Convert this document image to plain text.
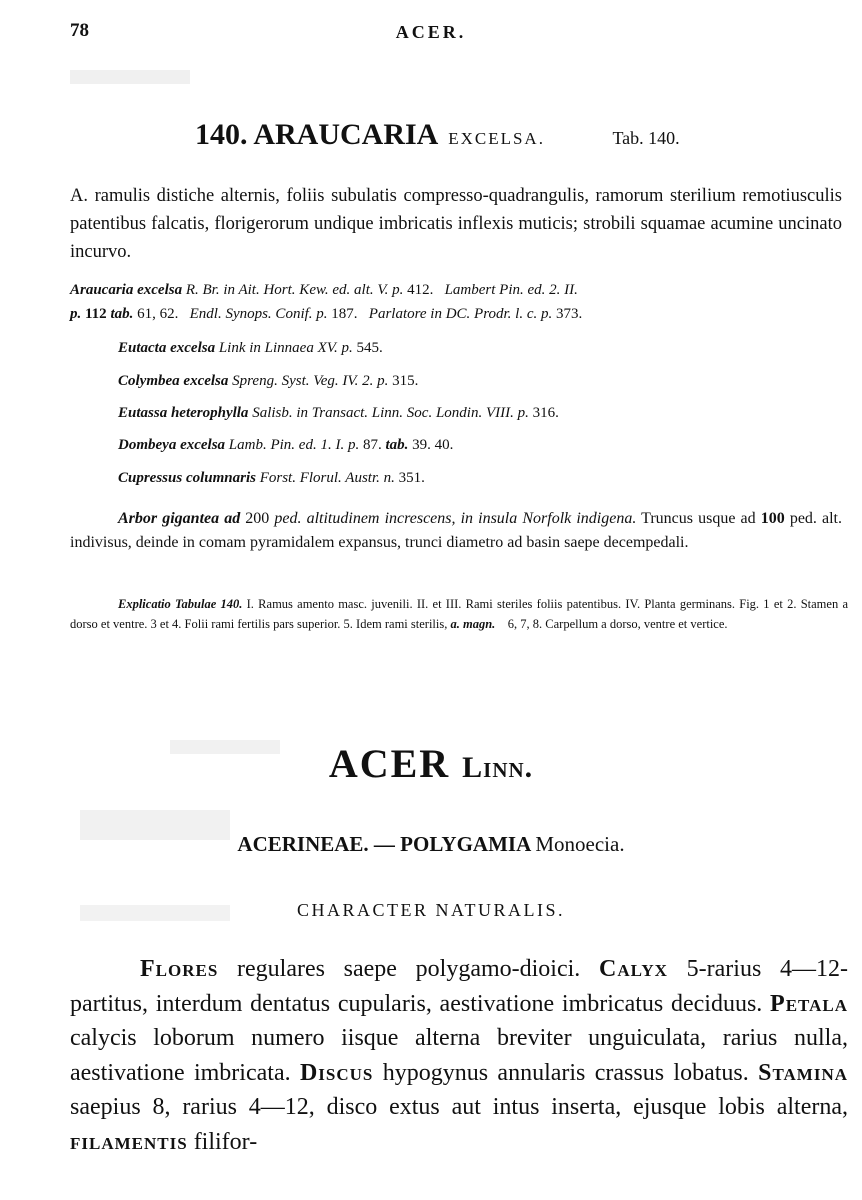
78	ACER.
140. ARAUCARIA EXCELSA.	Tab. 140.
A. ramulis distiche alternis, foliis subulatis compresso-quadrangulis, ramorum sterilium remotiusculis patentibus falcatis, florigerorum undique imbricatis inflexis muticis; strobili squamae acumine uncinato incurvo.
Araucaria excelsa R. Br. in Ait. Hort. Kew. ed. alt. V. p. 412. Lambert Pin. ed. 2. II.
p. 112 tab. 61, 62. Endl. Synops. Conif. p. 187. Parlatore in DC. Prodr. l. c. p. 373.
Eutacta excelsa Link in Linnaea XV. p. 545.
Colymbea excelsa Spreng. Syst. Veg. IV. 2. p. 315.
Eutassa heterophylla Salisb. in Transact. Linn. Soc. Londin. VIII. p. 316.
Dombeya excelsa Lamb. Pin. ed. 1. I. p. 87. tab. 39. 40.
Cupressus columnaris Forst. Florul. Austr. n. 351.
Arbor gigantea ad 200 ped. altitudinem increscens, in insula Norfolk indigena. Truncus usque ad 100 ped. alt. indivisus, deinde in comam pyramidalem expansus, trunci diametro ad basin saepe decempedali.
Explicatio Tabulae 140. I. Ramus amento masc. juvenili. II. et III. Rami steriles foliis patentibus. IV. Planta germinans. Fig. 1 et 2. Stamen a dorso et ventre. 3 et 4. Folii rami fertilis pars superior. 5. Idem rami sterilis, a. magn. 6, 7, 8. Carpellum a dorso, ventre et vertice.
ACER Linn.
ACERINEAE. — POLYGAMIA Monoecia.
CHARACTER NATURALIS.
Flores regulares saepe polygamo-dioici. Calyx 5-rarius 4—12-partitus, interdum dentatus cupularis, aestivatione imbricatus deciduus. Petala calycis loborum numero iisque alterna breviter unguiculata, rarius nulla, aestivatione imbricata. Discus hypogynus annularis crassus lobatus. Stamina saepius 8, rarius 4—12, disco extus aut intus inserta, ejusque lobis alterna, filamentis filifor-
